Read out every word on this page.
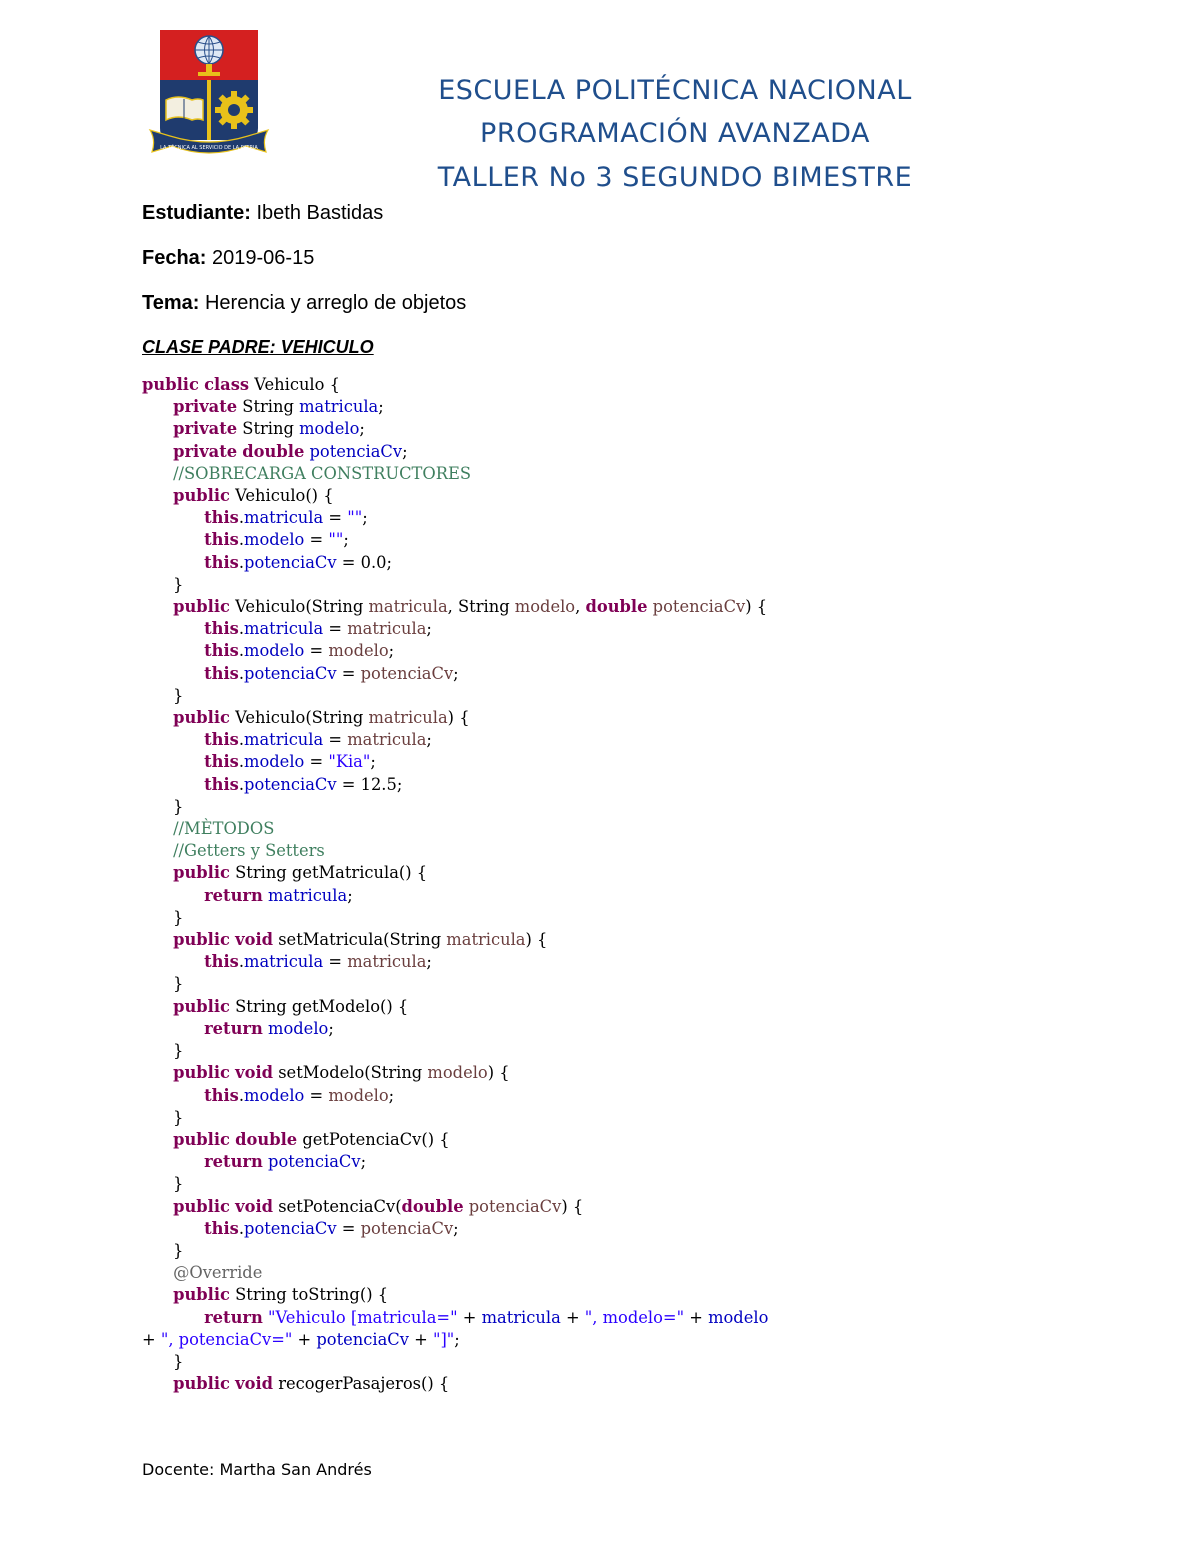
LA TÉCNICA AL SERVICIO DE LA PATRIA
ESCUELA POLITÉCNICA NACIONAL
PROGRAMACIÓN AVANZADA
TALLER No 3 SEGUNDO BIMESTRE
Estudiante: Ibeth Bastidas
Fecha: 2019-06-15
Tema: Herencia y arreglo de objetos
CLASE PADRE: VEHICULO
public class Vehiculo {
private String matricula;
private String modelo;
private double potenciaCv;
//SOBRECARGA CONSTRUCTORES
public Vehiculo() {
this.matricula = "";
this.modelo = "";
this.potenciaCv = 0.0;
}
public Vehiculo(String matricula, String modelo, double potenciaCv) {
this.matricula = matricula;
this.modelo = modelo;
this.potenciaCv = potenciaCv;
}
public Vehiculo(String matricula) {
this.matricula = matricula;
this.modelo = "Kia";
this.potenciaCv = 12.5;
}
//MÈTODOS
//Getters y Setters
public String getMatricula() {
return matricula;
}
public void setMatricula(String matricula) {
this.matricula = matricula;
}
public String getModelo() {
return modelo;
}
public void setModelo(String modelo) {
this.modelo = modelo;
}
public double getPotenciaCv() {
return potenciaCv;
}
public void setPotenciaCv(double potenciaCv) {
this.potenciaCv = potenciaCv;
}
@Override
public String toString() {
return "Vehiculo [matricula=" + matricula + ", modelo=" + modelo
+ ", potenciaCv=" + potenciaCv + "]";
}
public void recogerPasajeros() {
Docente: Martha San Andrés
